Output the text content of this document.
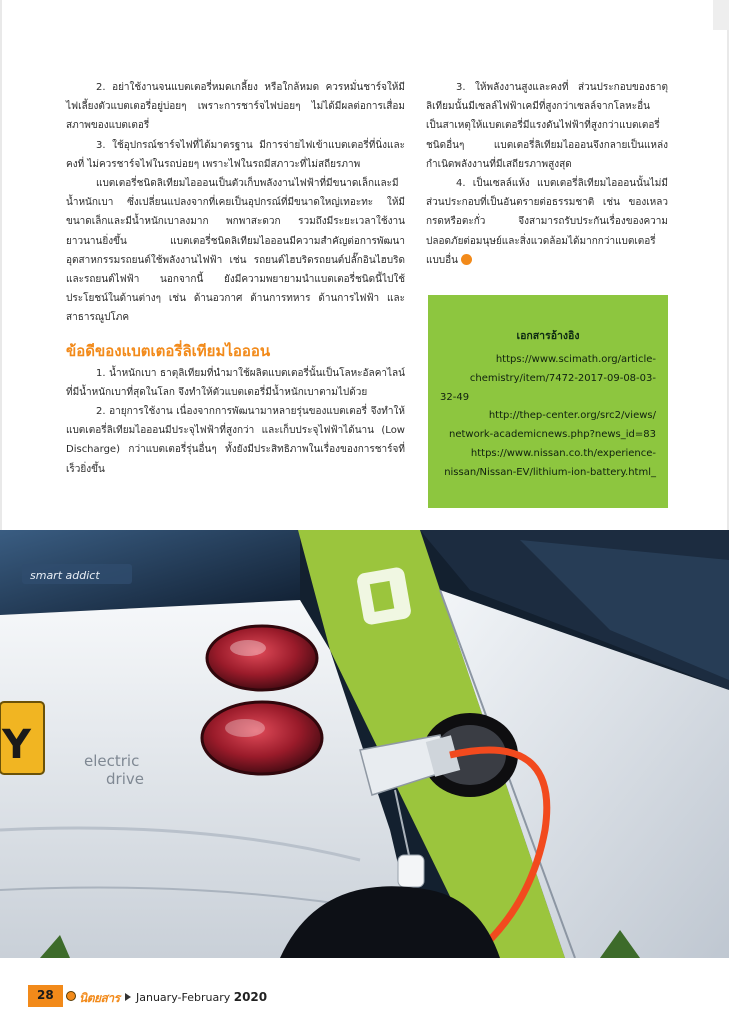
2. อย่าใช้งานจนแบตเตอรี่หมดเกลี้ยง หรือใกล้หมด ควรหมั่นชาร์จให้มีไฟเลี้ยงตัวแบตเตอรี่อยู่บ่อยๆ เพราะการชาร์จไฟบ่อยๆ ไม่ได้มีผลต่อการเสื่อมสภาพของแบตเตอรี่

3. ใช้อุปกรณ์ชาร์จไฟที่ได้มาตรฐาน มีการจ่ายไฟเข้าแบตเตอรี่ที่นิ่งและคงที่ ไม่ควรชาร์จไฟในรถบ่อยๆ เพราะไฟในรถมีสภาวะที่ไม่สถียรภาพ

แบตเตอรี่ชนิดลิเทียมไอออนเป็นตัวเก็บพลังงานไฟฟ้าที่มีขนาดเล็กและมีน้ำหนักเบา ซึ่งเปลี่ยนแปลงจากที่เคยเป็นอุปกรณ์ที่มีขนาดใหญ่เทอะทะ ให้มีขนาดเล็กและมีน้ำหนักเบาลงมาก พกพาสะดวก รวมถึงมีระยะเวลาใช้งานยาวนานยิ่งขึ้น แบตเตอรี่ชนิดลิเทียมไอออนมีความสำคัญต่อการพัฒนาอุตสาหกรรมรถยนต์ใช้พลังงานไฟฟ้า เช่น รถยนต์ไฮบริดรถยนต์ปลั๊กอินไฮบริด และรถยนต์ไฟฟ้า นอกจากนี้ ยังมีความพยายามนำแบตเตอรี่ชนิดนี้ไปใช้ประโยชน์ในด้านต่างๆ เช่น ด้านอวกาศ ด้านการทหาร ด้านการไฟฟ้า และสาธารณูปโภค

ข้อดีของแบตเตอรี่ลิเทียมไอออน

1. น้ำหนักเบา ธาตุลิเทียมที่นำมาใช้ผลิตแบตเตอรี่นั้นเป็นโลหะอัลคาไลน์ที่มีน้ำหนักเบาที่สุดในโลก จึงทำให้ตัวแบตเตอรี่มีน้ำหนักเบาตามไปด้วย

2. อายุการใช้งาน เนื่องจากการพัฒนามาหลายรุ่นของแบตเตอรี่ จึงทำให้แบตเตอรี่ลิเทียมไอออนมีประจุไฟฟ้าที่สูงกว่า และเก็บประจุไฟฟ้าได้นาน (Low Discharge) กว่าแบตเตอรี่รุ่นอื่นๆ ทั้งยังมีประสิทธิภาพในเรื่องของการชาร์จที่เร็วยิ่งขึ้น

3. ให้พลังงานสูงและคงที่ ส่วนประกอบของธาตุลิเทียมนั้นมีเซลล์ไฟฟ้าเคมีที่สูงกว่าเซลล์จากโลหะอื่น เป็นสาเหตุให้แบตเตอรี่มีแรงดันไฟฟ้าที่สูงกว่าแบตเตอรี่ชนิดอื่นๆ แบตเตอรี่ลิเทียมไอออนจึงกลายเป็นแหล่งกำเนิดพลังงานที่มีเสถียรภาพสูงสุด

4. เป็นเซลล์แห้ง แบตเตอรี่ลิเทียมไอออนนั้นไม่มีส่วนประกอบที่เป็นอันตรายต่อธรรมชาติ เช่น ของเหลว กรดหรือตะกั่ว จึงสามารถรับประกันเรื่องของความปลอดภัยต่อมนุษย์และสิ่งแวดล้อมได้มากกว่าแบตเตอรี่แบบอื่น	✿

เอกสารอ้างอิง
https://www.scimath.org/article-
chemistry/item/7472-2017-09-08-03-
32-49
http://thep-center.org/src2/views/
network-academicnews.php?news_id=83
https://www.nissan.co.th/experience-
nissan/Nissan-EV/lithium-ion-battery.html_
smart addict
Y	electric
drive
28	นิตยสาร January-February 2020
